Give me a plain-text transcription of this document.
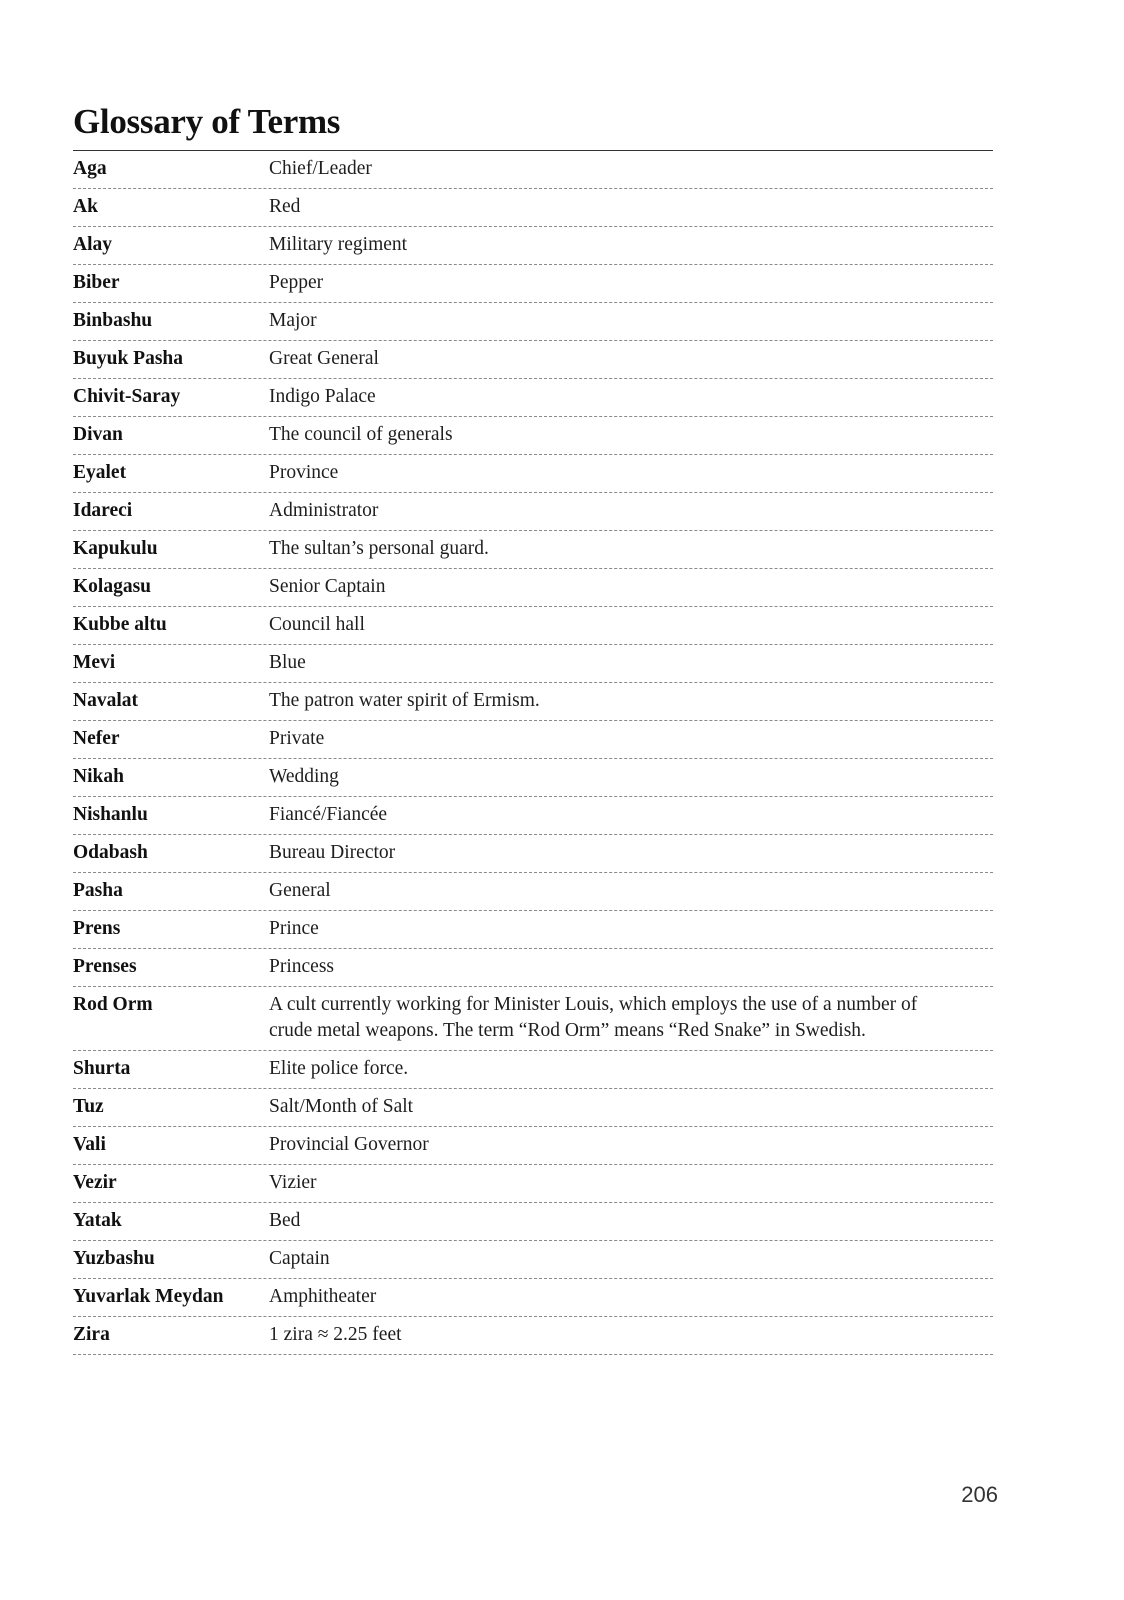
Glossary of Terms
Aga	Chief/Leader
Ak	Red
Alay	Military regiment
Biber	Pepper
Binbashu	Major
Buyuk Pasha	Great General
Chivit-Saray	Indigo Palace
Divan	The council of generals
Eyalet	Province
Idareci	Administrator
Kapukulu	The sultan’s personal guard.
Kolagasu	Senior Captain
Kubbe altu	Council hall
Mevi	Blue
Navalat	The patron water spirit of Ermism.
Nefer	Private
Nikah	Wedding
Nishanlu	Fiancé/Fiancée
Odabash	Bureau Director
Pasha	General
Prens	Prince
Prenses	Princess
Rod Orm	A cult currently working for Minister Louis, which employs the use of a number of crude metal weapons. The term “Rod Orm” means “Red Snake” in Swedish.
Shurta	Elite police force.
Tuz	Salt/Month of Salt
Vali	Provincial Governor
Vezir	Vizier
Yatak	Bed
Yuzbashu	Captain
Yuvarlak Meydan	Amphitheater
Zira	1 zira ≈ 2.25 feet
206
